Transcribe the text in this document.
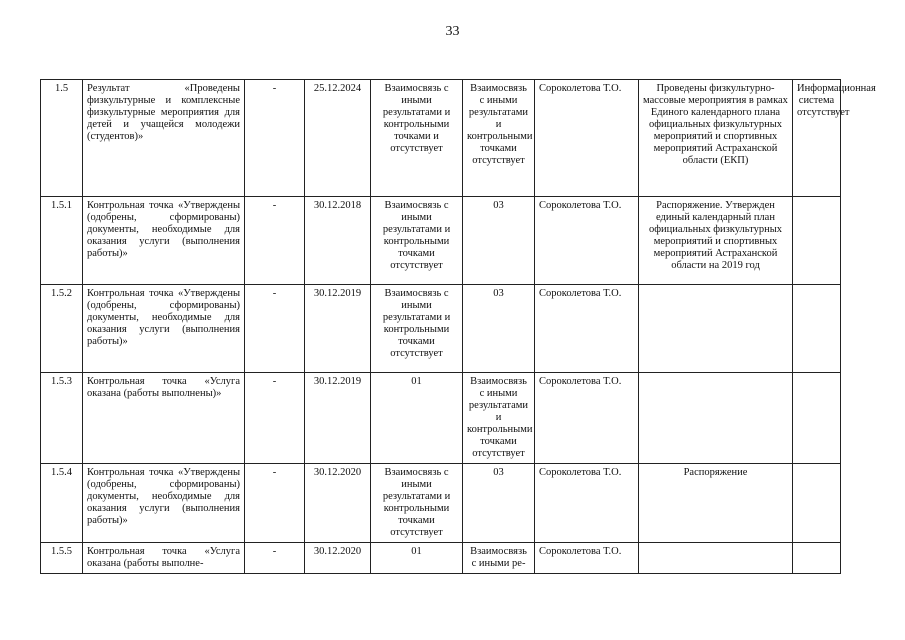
33
1.5	Результат «Проведены физкультурные и комплексные физкультурные мероприятия для детей и учащейся молодежи (студентов)»	-	25.12.2024	Взаимосвязь с иными результатами и контрольными точками и отсутствует	Взаимосвязь с иными результатами и контрольными точками отсутствует	Сороколетова Т.О.	Проведены физкультурно-массовые мероприятия в рамках Единого календарного плана официальных физкультурных мероприятий и спортивных мероприятий Астраханской области (ЕКП)	Информационная система отсутствует
1.5.1	Контрольная точка «Утверждены (одобрены, сформированы) документы, необходимые для оказания услуги (выполнения работы)»	-	30.12.2018	Взаимосвязь с иными результатами и контрольными точками отсутствует	03	Сороколетова Т.О.	Распоряжение. Утвержден единый календарный план официальных физкультурных мероприятий и спортивных мероприятий Астраханской области на 2019 год	
1.5.2	Контрольная точка «Утверждены (одобрены, сформированы) документы, необходимые для оказания услуги (выполнения работы)»	-	30.12.2019	Взаимосвязь с иными результатами и контрольными точками отсутствует	03	Сороколетова Т.О.		
1.5.3	Контрольная точка «Услуга оказана (работы выполнены)»	-	30.12.2019	01	Взаимосвязь с иными результатами и контрольными точками отсутствует	Сороколетова Т.О.		
1.5.4	Контрольная точка «Утверждены (одобрены, сформированы) документы, необходимые для оказания услуги (выполнения работы)»	-	30.12.2020	Взаимосвязь с иными результатами и контрольными точками отсутствует	03	Сороколетова Т.О.	Распоряжение	
1.5.5	Контрольная точка «Услуга оказана (работы выполне-	-	30.12.2020	01	Взаимосвязь с иными ре-	Сороколетова Т.О.		
